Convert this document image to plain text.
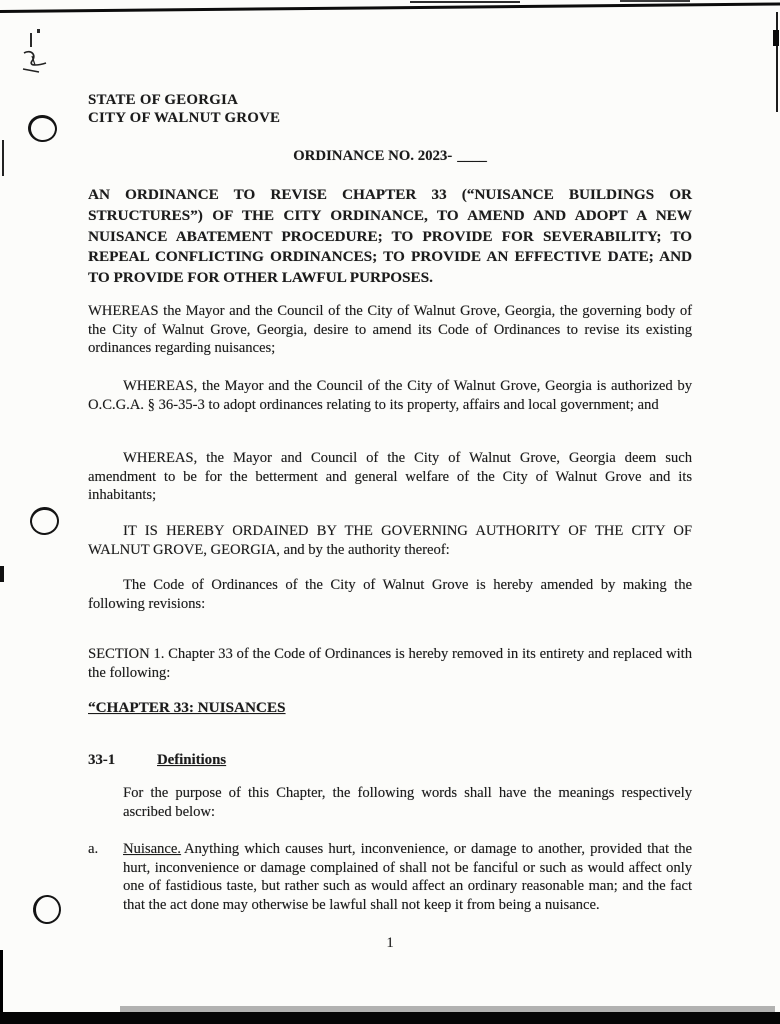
STATE OF GEORGIA
CITY OF WALNUT GROVE
ORDINANCE NO. 2023- ____

AN ORDINANCE TO REVISE CHAPTER 33 (“NUISANCE BUILDINGS OR STRUCTURES”) OF THE CITY ORDINANCE, TO AMEND AND ADOPT A NEW NUISANCE ABATEMENT PROCEDURE; TO PROVIDE FOR SEVERABILITY; TO REPEAL CONFLICTING ORDINANCES; TO PROVIDE AN EFFECTIVE DATE; AND TO PROVIDE FOR OTHER LAWFUL PURPOSES.

WHEREAS the Mayor and the Council of the City of Walnut Grove, Georgia, the governing body of the City of Walnut Grove, Georgia, desire to amend its Code of Ordinances to revise its existing ordinances regarding nuisances;

WHEREAS, the Mayor and the Council of the City of Walnut Grove, Georgia is authorized by O.C.G.A. § 36-35-3 to adopt ordinances relating to its property, affairs and local government; and

WHEREAS, the Mayor and Council of the City of Walnut Grove, Georgia deem such amendment to be for the betterment and general welfare of the City of Walnut Grove and its inhabitants;

IT IS HEREBY ORDAINED BY THE GOVERNING AUTHORITY OF THE CITY OF WALNUT GROVE, GEORGIA, and by the authority thereof:

The Code of Ordinances of the City of Walnut Grove is hereby amended by making the following revisions:

SECTION 1. Chapter 33 of the Code of Ordinances is hereby removed in its entirety and replaced with the following:

“CHAPTER 33: NUISANCES
33-1	Definitions

For the purpose of this Chapter, the following words shall have the meanings respectively ascribed below:

a. Nuisance. Anything which causes hurt, inconvenience, or damage to another, provided that the hurt, inconvenience or damage complained of shall not be fanciful or such as would affect only one of fastidious taste, but rather such as would affect an ordinary reasonable man; and the fact that the act done may otherwise be lawful shall not keep it from being a nuisance.
1
